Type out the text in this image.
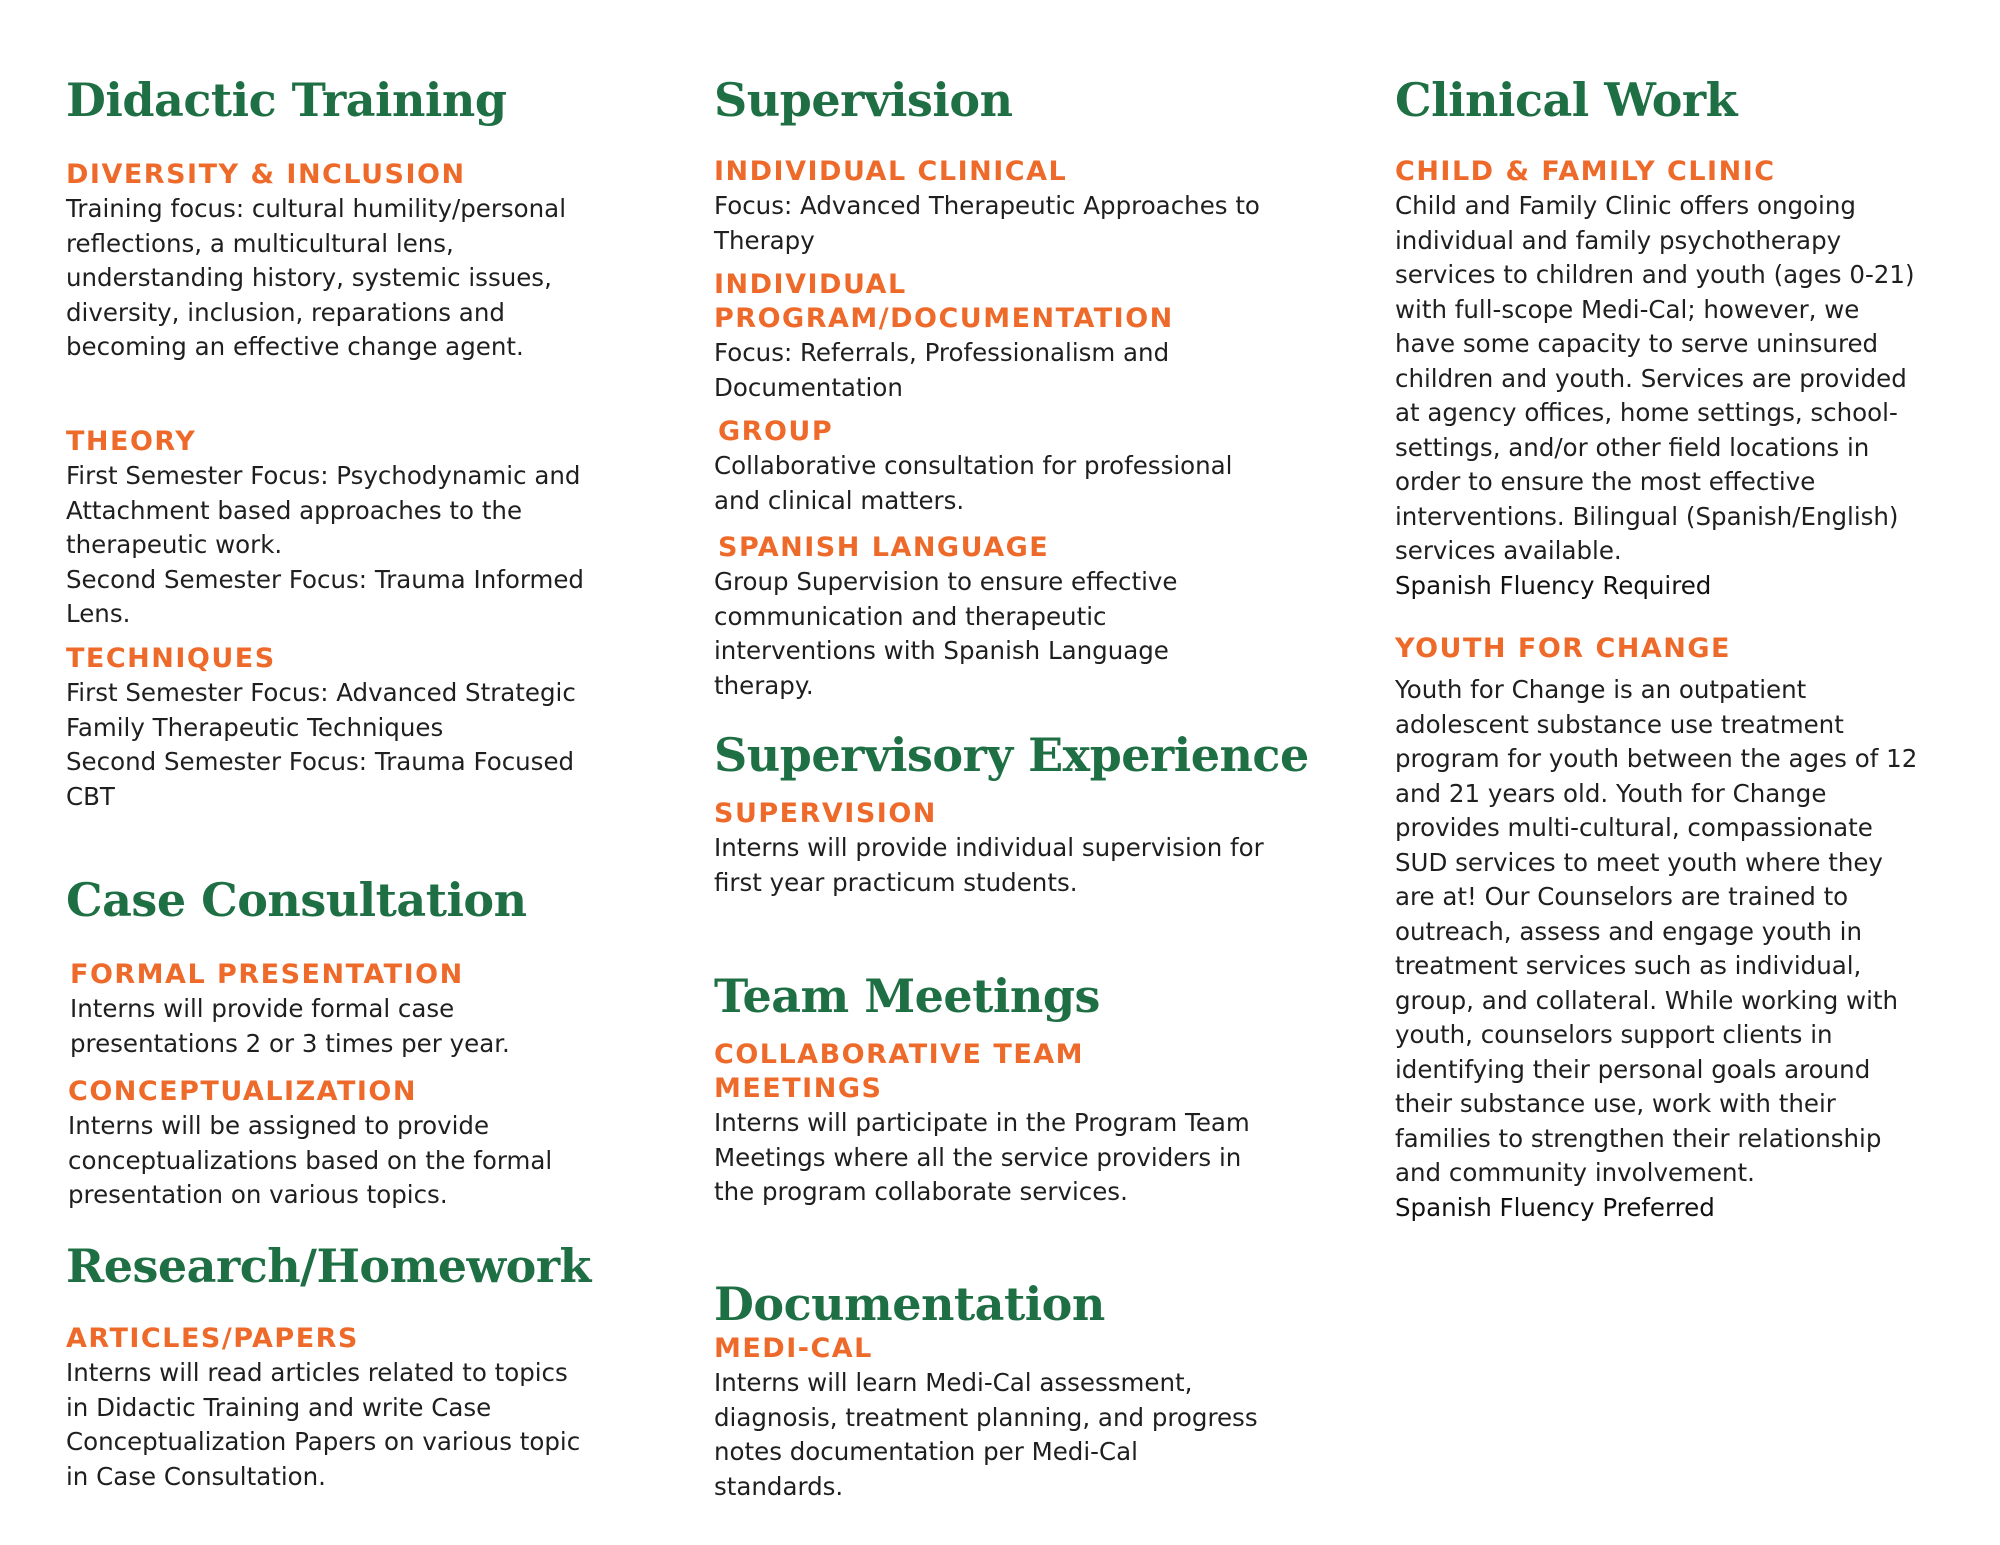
Didactic Training
DIVERSITY & INCLUSION

Training focus: cultural humility/personal reflections, a multicultural lens, understanding history, systemic issues, diversity, inclusion, reparations and becoming an effective change agent.

THEORY

First Semester Focus: Psychodynamic and Attachment based approaches to the therapeutic work.

Second Semester Focus: Trauma Informed Lens.

TECHNIQUES

First Semester Focus: Advanced Strategic Family Therapeutic Techniques

Second Semester Focus: Trauma Focused CBT

Case Consultation
FORMAL PRESENTATION

Interns will provide formal case presentations 2 or 3 times per year.

CONCEPTUALIZATION

Interns will be assigned to provide conceptualizations based on the formal presentation on various topics.

Research/Homework
ARTICLES/PAPERS

Interns will read articles related to topics in Didactic Training and write Case Conceptualization Papers on various topic in Case Consultation.

Supervision
INDIVIDUAL CLINICAL

Focus: Advanced Therapeutic Approaches to Therapy

INDIVIDUAL
PROGRAM/DOCUMENTATION

Focus: Referrals, Professionalism and Documentation

GROUP

Collaborative consultation for professional and clinical matters.

SPANISH LANGUAGE

Group Supervision to ensure effective communication and therapeutic interventions with Spanish Language therapy.

Supervisory Experience
SUPERVISION

Interns will provide individual supervision for first year practicum students.

Team Meetings
COLLABORATIVE TEAM
MEETINGS

Interns will participate in the Program Team Meetings where all the service providers in the program collaborate services.

Documentation
MEDI-CAL

Interns will learn Medi-Cal assessment, diagnosis, treatment planning, and progress notes documentation per Medi-Cal standards.

Clinical Work
CHILD & FAMILY CLINIC

Child and Family Clinic offers ongoing individual and family psychotherapy services to children and youth (ages 0-21) with full-scope Medi-Cal; however, we have some capacity to serve uninsured children and youth. Services are provided at agency offices, home settings, school-settings, and/or other field locations in order to ensure the most effective interventions. Bilingual (Spanish/English) services available.

Spanish Fluency Required

YOUTH FOR CHANGE

Youth for Change is an outpatient adolescent substance use treatment program for youth between the ages of 12 and 21 years old. Youth for Change provides multi-cultural, compassionate SUD services to meet youth where they are at! Our Counselors are trained to outreach, assess and engage youth in treatment services such as individual, group, and collateral. While working with youth, counselors support clients in identifying their personal goals around their substance use, work with their families to strengthen their relationship and community involvement.

Spanish Fluency Preferred
